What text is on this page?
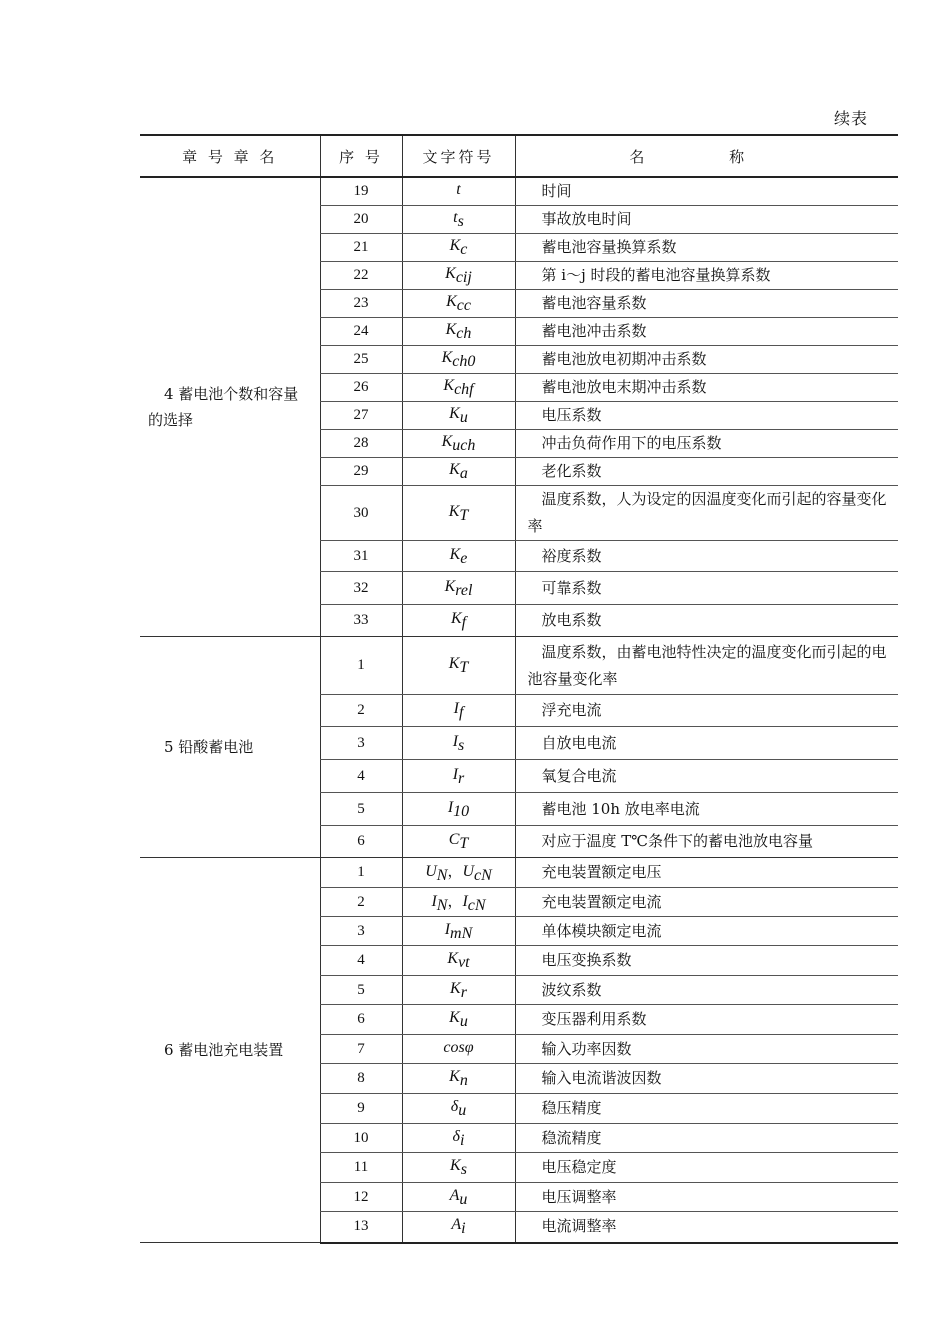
续表
章 号 章 名	序 号	文字符号	名 称

4 蓄电池个数和容量的选择	19	t	时间
	20	$t_s$	事故放电时间
	21	$K_c$	蓄电池容量换算系数
	22	$K_{cij}$	第 i～j 时段的蓄电池容量换算系数
	23	$K_{cc}$	蓄电池容量系数
	24	$K_{ch}$	蓄电池冲击系数
	25	$K_{ch0}$	蓄电池放电初期冲击系数
	26	$K_{chf}$	蓄电池放电末期冲击系数
	27	$K_u$	电压系数
	28	$K_{uch}$	冲击负荷作用下的电压系数
	29	$K_a$	老化系数
	30	$K_T$	温度系数，人为设定的因温度变化而引起的容量变化率
	31	$K_e$	裕度系数
	32	$K_{rel}$	可靠系数
	33	$K_f$	放电系数

5 铅酸蓄电池	1	$K_T$	温度系数，由蓄电池特性决定的温度变化而引起的电池容量变化率
	2	$I_f$	浮充电流
	3	$I_s$	自放电电流
	4	$I_r$	氧复合电流
	5	$I_{10}$	蓄电池 10h 放电率电流
	6	$C_T$	对应于温度 T℃条件下的蓄电池放电容量

6 蓄电池充电装置	1	$U_N$，$U_{cN}$	充电装置额定电压
	2	$I_N$，$I_{cN}$	充电装置额定电流
	3	$I_{mN}$	单体模块额定电流
	4	$K_{vt}$	电压变换系数
	5	$K_r$	波纹系数
	6	$K_u$	变压器利用系数
	7	cosφ	输入功率因数
	8	$K_n$	输入电流谐波因数
	9	$\delta_u$	稳压精度
	10	$\delta_i$	稳流精度
	11	$K_s$	电压稳定度
	12	$A_u$	电压调整率
	13	$A_i$	电流调整率
